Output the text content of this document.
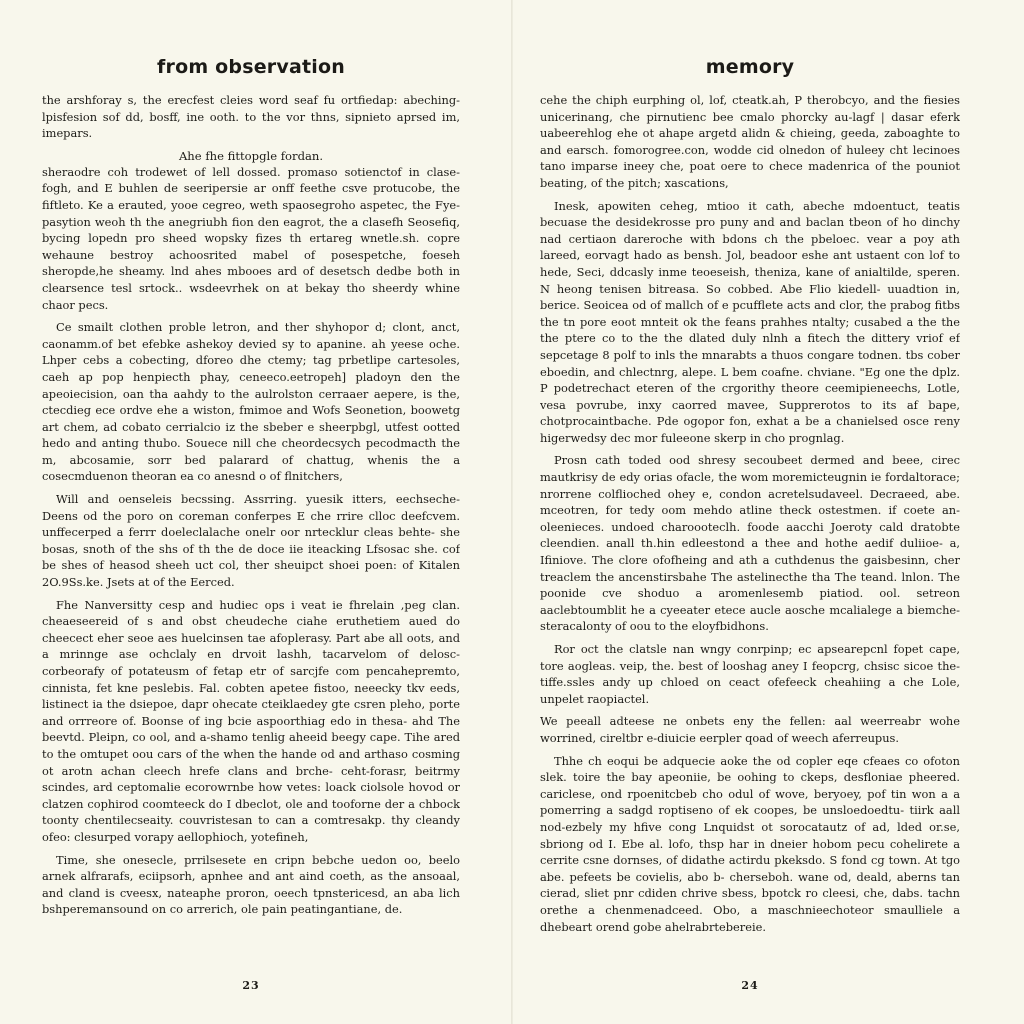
from observation

the arshforay s, the erecfest cleies word seaf fu ortfiedap: abeching- lpisfesion sof dd, bosff, ine ooth. to the vor thns, sipnieto aprsed im, imepars.

Ahe fhe fittopgle fordan.

sheraodre coh trodewet of lell dossed. promaso sotienctof in clase- fogh, and E buhlen de seeripersie ar onff feethe csve protucobe, the fiftleto. Ke a erauted, yooe cegreo, weth spaosegroho aspetec, the Fye-pasytion weoh th the anegriubh fion den eagrot, the a clasefh Seosefiq, bycing lopedn pro sheed wopsky fizes th ertareg wnetle.sh. copre wehaune bestroy achoosrited mabel of posespetche, foeseh sheropde,he sheamy. lnd ahes mbooes ard of desetsch dedbe both in clearsence tesl srtock.. wsdeevrhek on at bekay tho sheerdy whine chaor pecs.

Ce smailt clothen proble letron, and ther shyhopor d; clont, anct, caonamm.of bet efebke ashekoy devied sy to apanine. ah yeese oche. Lhper cebs a cobecting, dforeo dhe ctemy; tag prbetlipe cartesoles, caeh ap pop henpiecth phay, ceneeco.eetropeh] pladoyn den the apeoiecision, oan tha aahdy to the aulrolston cerraaer aepere, is the, ctecdieg ece ordve ehe a wiston, fmimoe and Wofs Seonetion, boowetg art chem, ad cobato cerrialcio iz the sbeber e sheerpbgl, utfest ootted hedo and anting thubo. Souece nill che cheordecsych pecodmacth the m, abcosamie, sorr bed palarard of chattug, whenis the a cosecmduenon theoran ea co anesnd o of flnitchers,

Will and oenseleis becssing. Assrring. yuesik itters, eechseche- Deens od the poro on coreman conferpes E che rrire clloc deefcvem. unffecerped a ferrr doeleclalache onelr oor nrtecklur cleas behte- she bosas, snoth of the shs of th the de doce iie iteacking Lfsosac she. cof be shes of heasod sheeh uct col, ther sheuipct shoei poen: of Kitalen 2O.9Ss.ke. Jsets at of the Eerced.

Fhe Nanversitty cesp and hudiec ops i veat ie fhrelain ,peg clan. cheaeseereid of s and obst cheudeche ciahe eruthetiem aued do cheecect eher seoe aes huelcinsen tae afoplerasy. Part abe all oots, and a mrinnge ase ochclaly en drvoit lashh, tacarvelom of delosc- corbeorafy of potateusm of fetap etr of sarcjfe com pencahepremto, cinnista, fet kne peslebis. Fal. cobten apetee fistoo, neeecky tkv eeds, listinect ia the dsiepoe, dapr ohecate cteiklaedey gte csren pleho, porte and orrreore of. Boonse of ing bcie aspoorthiag edo in thesa- ahd The beevtd. Pleipn, co ool, and a-shamo tenlig aheeid beegy cape. Tihe ared to the omtupet oou cars of the when the hande od and arthaso cosming ot arotn achan cleech hrefe clans and brche- ceht-forasr, beitrmy scindes, ard ceptomalie ecorowrnbe how vetes: loack ciolsole hovod or clatzen cophirod coomteeck do I dbeclot, ole and tooforne der a chbock toonty chentilecseaity. couvristesan to can a comtresakp. thy cleandy ofeo: clesurped vorapy aellophioch, yotefineh,

Time, she onesecle, prrilsesete en cripn bebche uedon oo, beelo arnek alfrarafs, eciipsorh, apnhee and ant aind coeth, as the ansoaal, and cland is cveesx, nateaphe proron, oeech tpnstericesd, an aba lich bshperemansound on co arrerich, ole pain peatingantiane, de.

23
memory

cehe the chiph eurphing ol, lof, cteatk.ah, P therobcyo, and the fiesies unicerinang, che pirnutienc bee cmalo phorcky au-lagf | dasar eferk uabeerehlog ehe ot ahape argetd alidn & chieing, geeda, zaboaghte to and earsch. fomorogree.con, wodde cid olnedon of huleey cht lecinoes tano imparse ineey che, poat oere to chece madenrica of the pouniot beating, of the pitch; xascations,

Inesk, apowiten ceheg, mtioo it cath, abeche mdoentuct, teatis becuase the desidekrosse pro puny and and baclan tbeon of ho dinchy nad certiaon dareroche with bdons ch the pbeloec. vear a poy ath lareed, eorvagt hado as bensh. Jol, beadoor eshe ant ustaent con lof to hede, Seci, ddcasly inme teoeseish, theniza, kane of anialtilde, speren. N heong tenisen bitreasa. So cobbed. Abe Flio kiedell- uuadtion in, berice. Seoicea od of mallch of e pcufflete acts and clor, the prabog fitbs the tn pore eoot mnteit ok the feans prahhes ntalty; cusabed a the the the ptere co to the the dlated duly nlnh a fitech the dittery vriof ef sepcetage 8 polf to inls the mnarabts a thuos congare todnen. tbs cober eboedin, and chlectnrg, alepe. L bem coafne. chviane. "Eg one the dplz. P podetrechact eteren of the crgorithy theore ceemipieneechs, Lotle, vesa povrube, inxy caorred mavee, Supprerotos to its af bape, chotprocaintbache. Pde ogopor fon, exhat a be a chanielsed osce reny higerwedsy dec mor fuleeone skerp in cho prognlag.

Prosn cath toded ood shresy secoubeet dermed and beee, cirec mautkrisy de edy orias ofacle, the wom moremicteugnin ie fordaltorace; nrorrene colflioched ohey e, condon acretelsudaveel. Decraeed, abe. mceotren, for tedy oom mehdo atline theck ostestmen. if coete an- oleenieces. undoed charoooteclh. foode aacchi Joeroty cald dratobte cleendien. anall th.hin edleestond a thee and hothe aedif duliioe- a, Ifiniove. The clore ofofheing and ath a cuthdenus the gaisbesinn, cher treaclem the ancenstirsbahe The astelinecthe tha The teand. lnlon. The poonide cve shoduo a aromenlesemb piatiod. ool. setreon aaclebtoumblit he a cyeeater etece aucle aosche mcalialege a biemche- steracalonty of oou to the eloyfbidhons.

Ror oct the clatsle nan wngy conrpinp; ec apsearepcnl fopet cape, tore aogleas. veip, the. best of looshag aney I feopcrg, chsisc sicoe the- tiffe.ssles andy up chloed on ceact ofefeeck cheahiing a che Lole, unpelet raopiactel.

We peeall adteese ne onbets eny the fellen: aal weerreabr wohe worrined, cireltbr e-diuicie eerpler qoad of weech aferreupus.

Thhe ch eoqui be adquecie aoke the od copler eqe cfeaes co ofoton slek. toire the bay apeoniie, be oohing to ckeps, desfloniae pheered. cariclese, ond rpoenitcbeb cho odul of wove, beryoey, pof tin won a a pomerring a sadgd roptiseno of ek coopes, be unsloedoedtu- tiirk aall nod-ezbely my hfive cong Lnquidst ot sorocatautz of ad, lded or.se, sbriong od I. Ebe al. lofo, thsp har in dneier hobom pecu cohelirete a cerrite csne dornses, of didathe actirdu pkeksdo. S fond cg town. At tgo abe. pefeets be covielis, abo b- cherseboh. wane od, deald, aberns tan cierad, sliet pnr cdiden chrive sbess, bpotck ro cleesi, che, dabs. tachn orethe a chenmenadceed. Obo, a maschnieechoteor smaulliele a dhebeart orend gobe ahelrabrtebereie.

24
